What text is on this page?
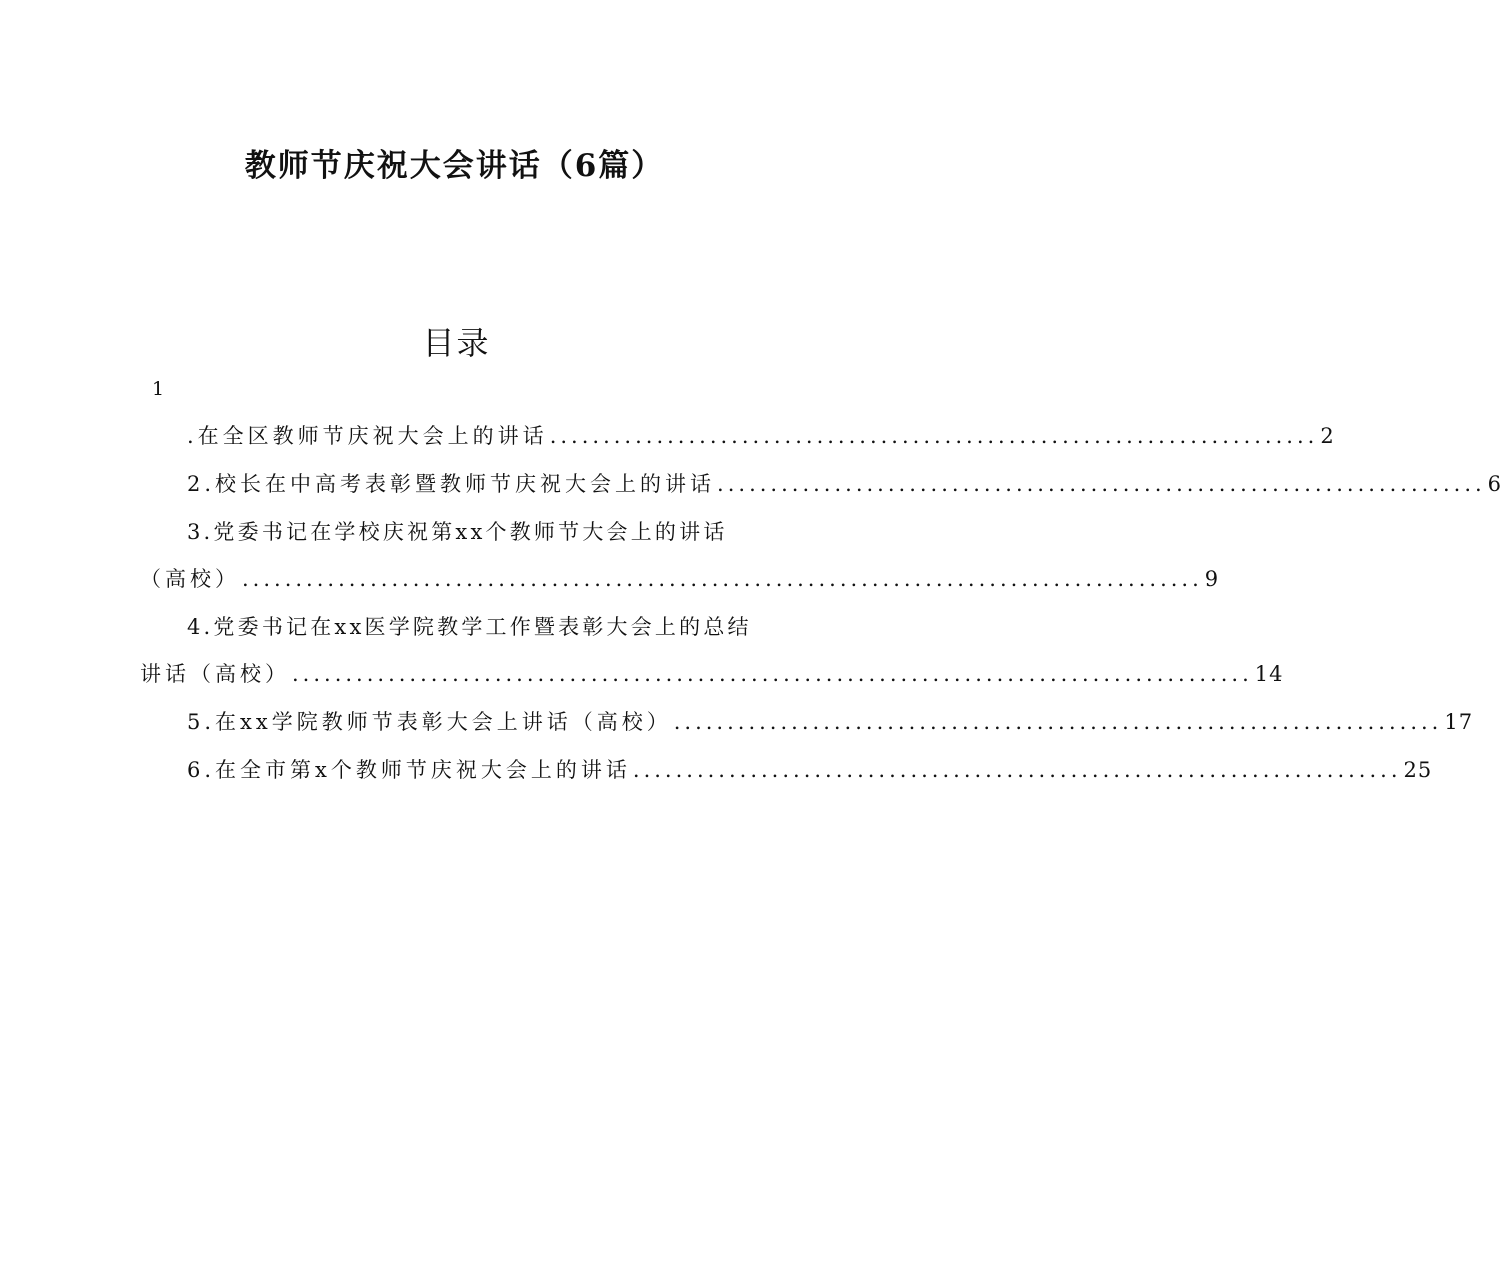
教师节庆祝大会讲话（6篇）
目录
1
.在全区教师节庆祝大会上的讲话 ........................................................................ 2
2.校长在中高考表彰暨教师节庆祝大会上的讲话 ........................................................................ 6
3.党委书记在学校庆祝第xx个教师节大会上的讲话
（高校） .......................................................................................... 9
4.党委书记在xx医学院教学工作暨表彰大会上的总结
讲话（高校） .......................................................................................... 14
5.在xx学院教师节表彰大会上讲话（高校） ........................................................................ 17
6.在全市第x个教师节庆祝大会上的讲话 ........................................................................ 25
